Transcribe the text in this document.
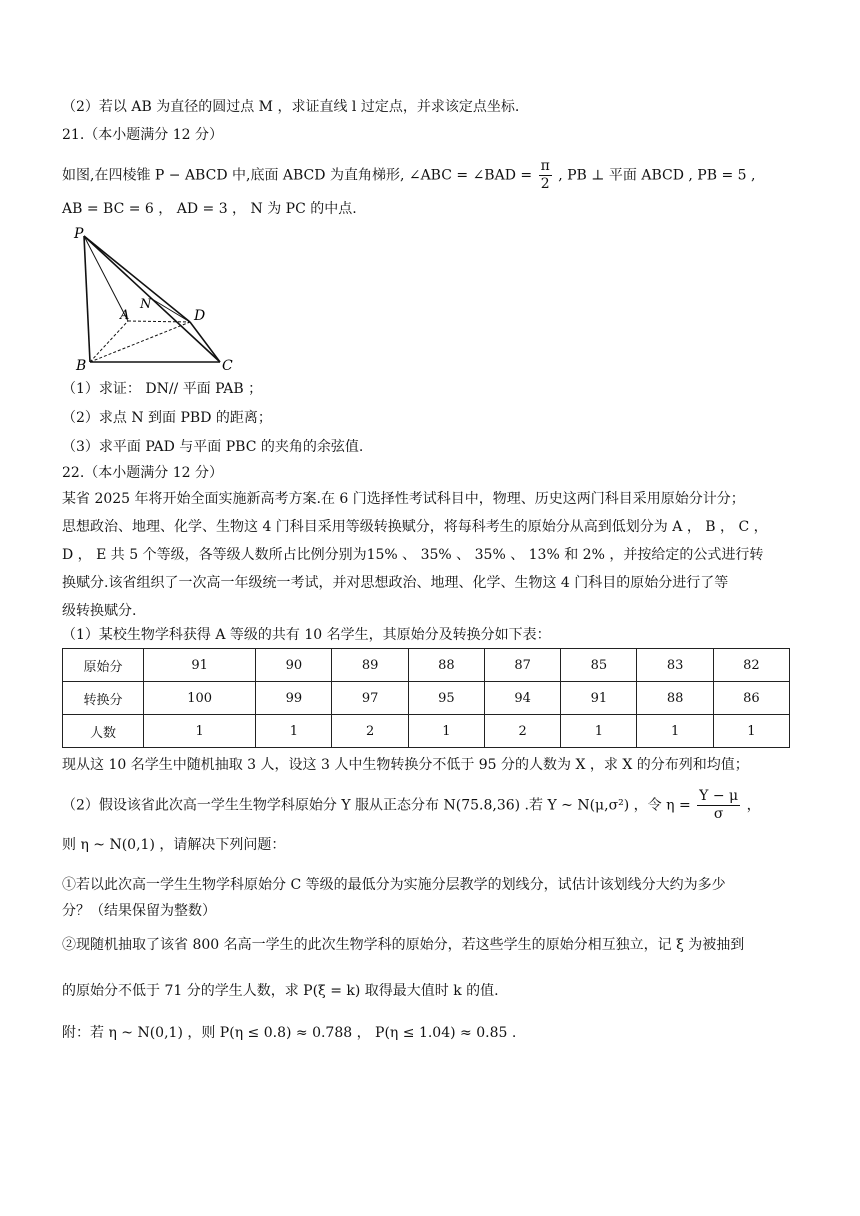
（2）若以 AB 为直径的圆过点 M ，求证直线 l 过定点，并求该定点坐标.
21.（本小题满分 12 分）
如图,在四棱锥 P − ABCD 中,底面 ABCD 为直角梯形, ∠ABC = ∠BAD = $\frac{\pi}{2}$ , PB ⊥ 平面 ABCD , PB = 5 ,
AB = BC = 6 ， AD = 3 ， N 为 PC 的中点.
P
A
B	C
D
N
（1）求证： DN// 平面 PAB ；
（2）求点 N 到面 PBD 的距离；
（3）求平面 PAD 与平面 PBC 的夹角的余弦值.
22.（本小题满分 12 分）
某省 2025 年将开始全面实施新高考方案.在 6 门选择性考试科目中，物理、历史这两门科目采用原始分计分；
思想政治、地理、化学、生物这 4 门科目采用等级转换赋分，将每科考生的原始分从高到低划分为 A ， B ， C ，
D ， E 共 5 个等级，各等级人数所占比例分别为15% 、 35% 、 35% 、 13% 和 2% ，并按给定的公式进行转
换赋分.该省组织了一次高一年级统一考试，并对思想政治、地理、化学、生物这 4 门科目的原始分进行了等
级转换赋分.
（1）某校生物学科获得 A 等级的共有 10 名学生，其原始分及转换分如下表：
原始分	91	90	89	88	87	85	83	82
转换分	100	99	97	95	94	91	88	86
人数	1	1	2	1	2	1	1	1
现从这 10 名学生中随机抽取 3 人，设这 3 人中生物转换分不低于 95 分的人数为 X ，求 X 的分布列和均值；
（2）假设该省此次高一学生生物学科原始分 Y 服从正态分布 N(75.8,36) .若 Y ~ N(μ,σ²) ，令 $\eta = \frac{Y - \mu}{\sigma}$ ，
则 η ~ N(0,1) ，请解决下列问题：
①若以此次高一学生生物学科原始分 C 等级的最低分为实施分层教学的划线分，试估计该划线分大约为多少
分？（结果保留为整数）
②现随机抽取了该省 800 名高一学生的此次生物学科的原始分，若这些学生的原始分相互独立，记 ξ 为被抽到
的原始分不低于 71 分的学生人数，求 P(ξ = k) 取得最大值时 k 的值.
附：若 η ~ N(0,1) ，则 P(η ≤ 0.8) ≈ 0.788 ， P(η ≤ 1.04) ≈ 0.85 .
